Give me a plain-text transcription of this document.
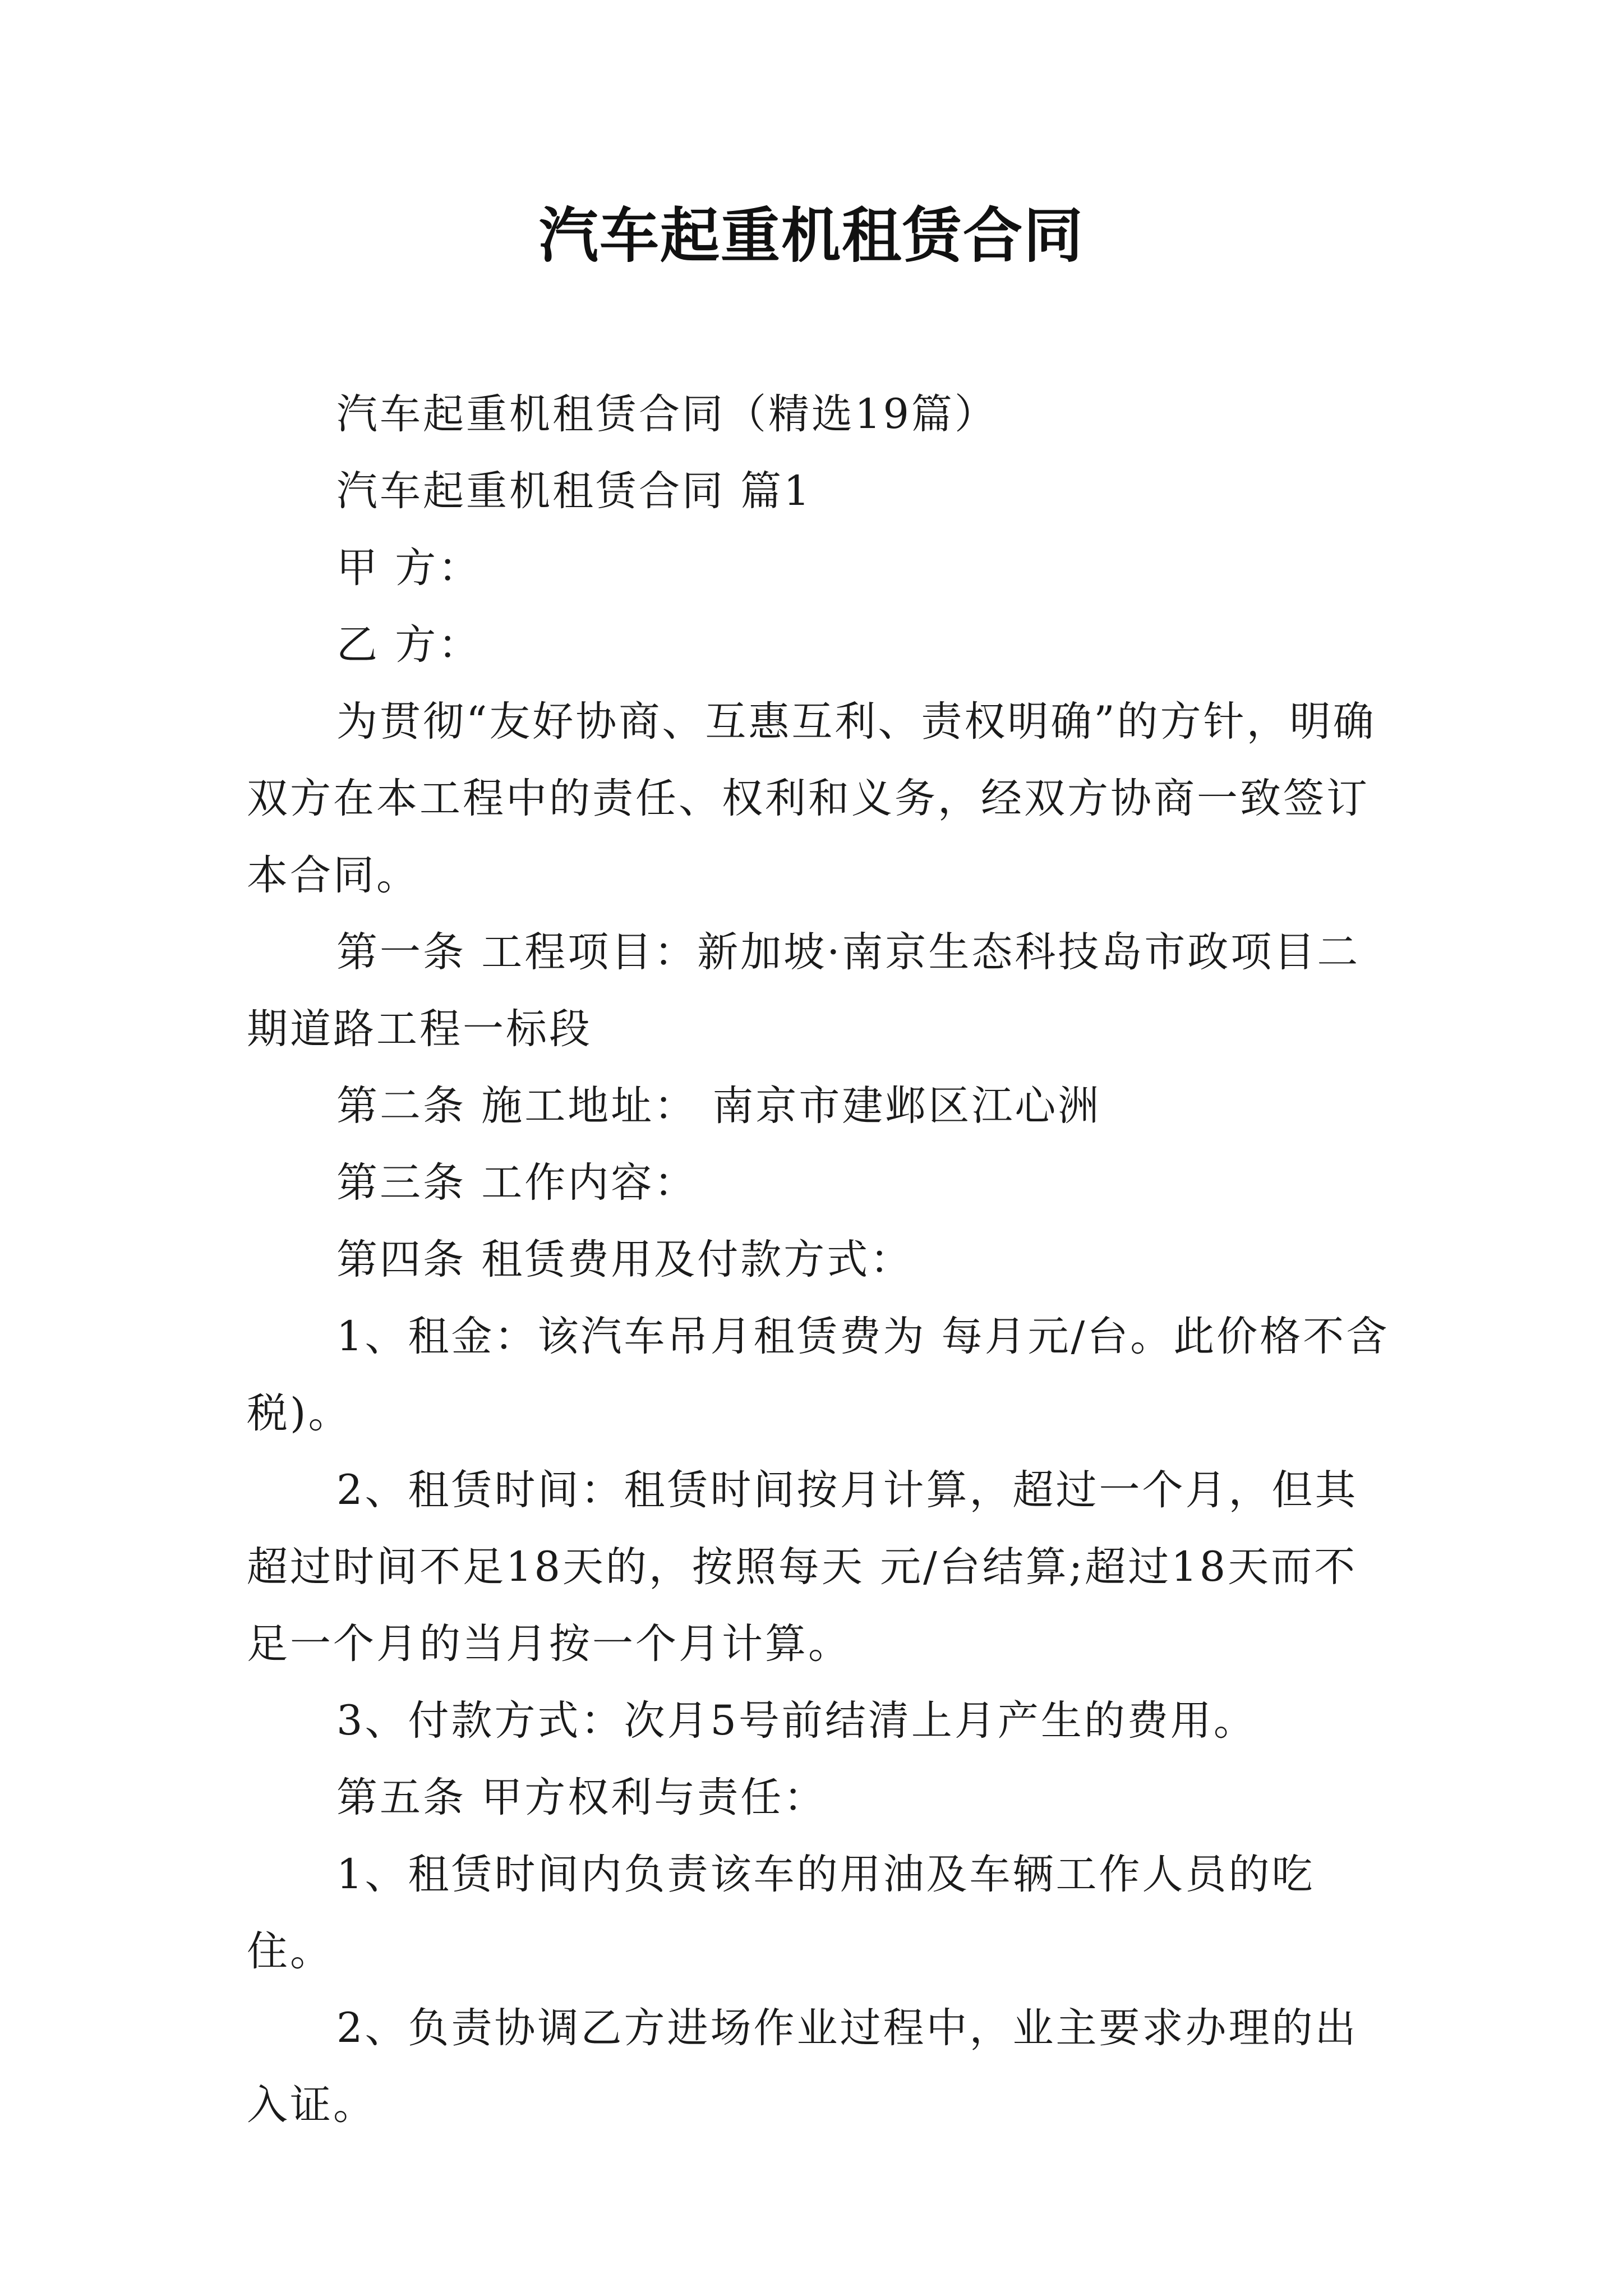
汽车起重机租赁合同

汽车起重机租赁合同（精选19篇）

汽车起重机租赁合同 篇1

甲 方：

乙 方：

为贯彻“友好协商、互惠互利、责权明确”的方针，明确双方在本工程中的责任、权利和义务，经双方协商一致签订本合同。

第一条 工程项目：新加坡·南京生态科技岛市政项目二期道路工程一标段

第二条 施工地址： 南京市建邺区江心洲

第三条 工作内容：

第四条 租赁费用及付款方式：

1、租金：该汽车吊月租赁费为 每月元/台。此价格不含税)。

2、租赁时间：租赁时间按月计算，超过一个月，但其超过时间不足18天的，按照每天 元/台结算;超过18天而不足一个月的当月按一个月计算。

3、付款方式：次月5号前结清上月产生的费用。

第五条 甲方权利与责任：

1、租赁时间内负责该车的用油及车辆工作人员的吃住。

2、负责协调乙方进场作业过程中，业主要求办理的出入证。
